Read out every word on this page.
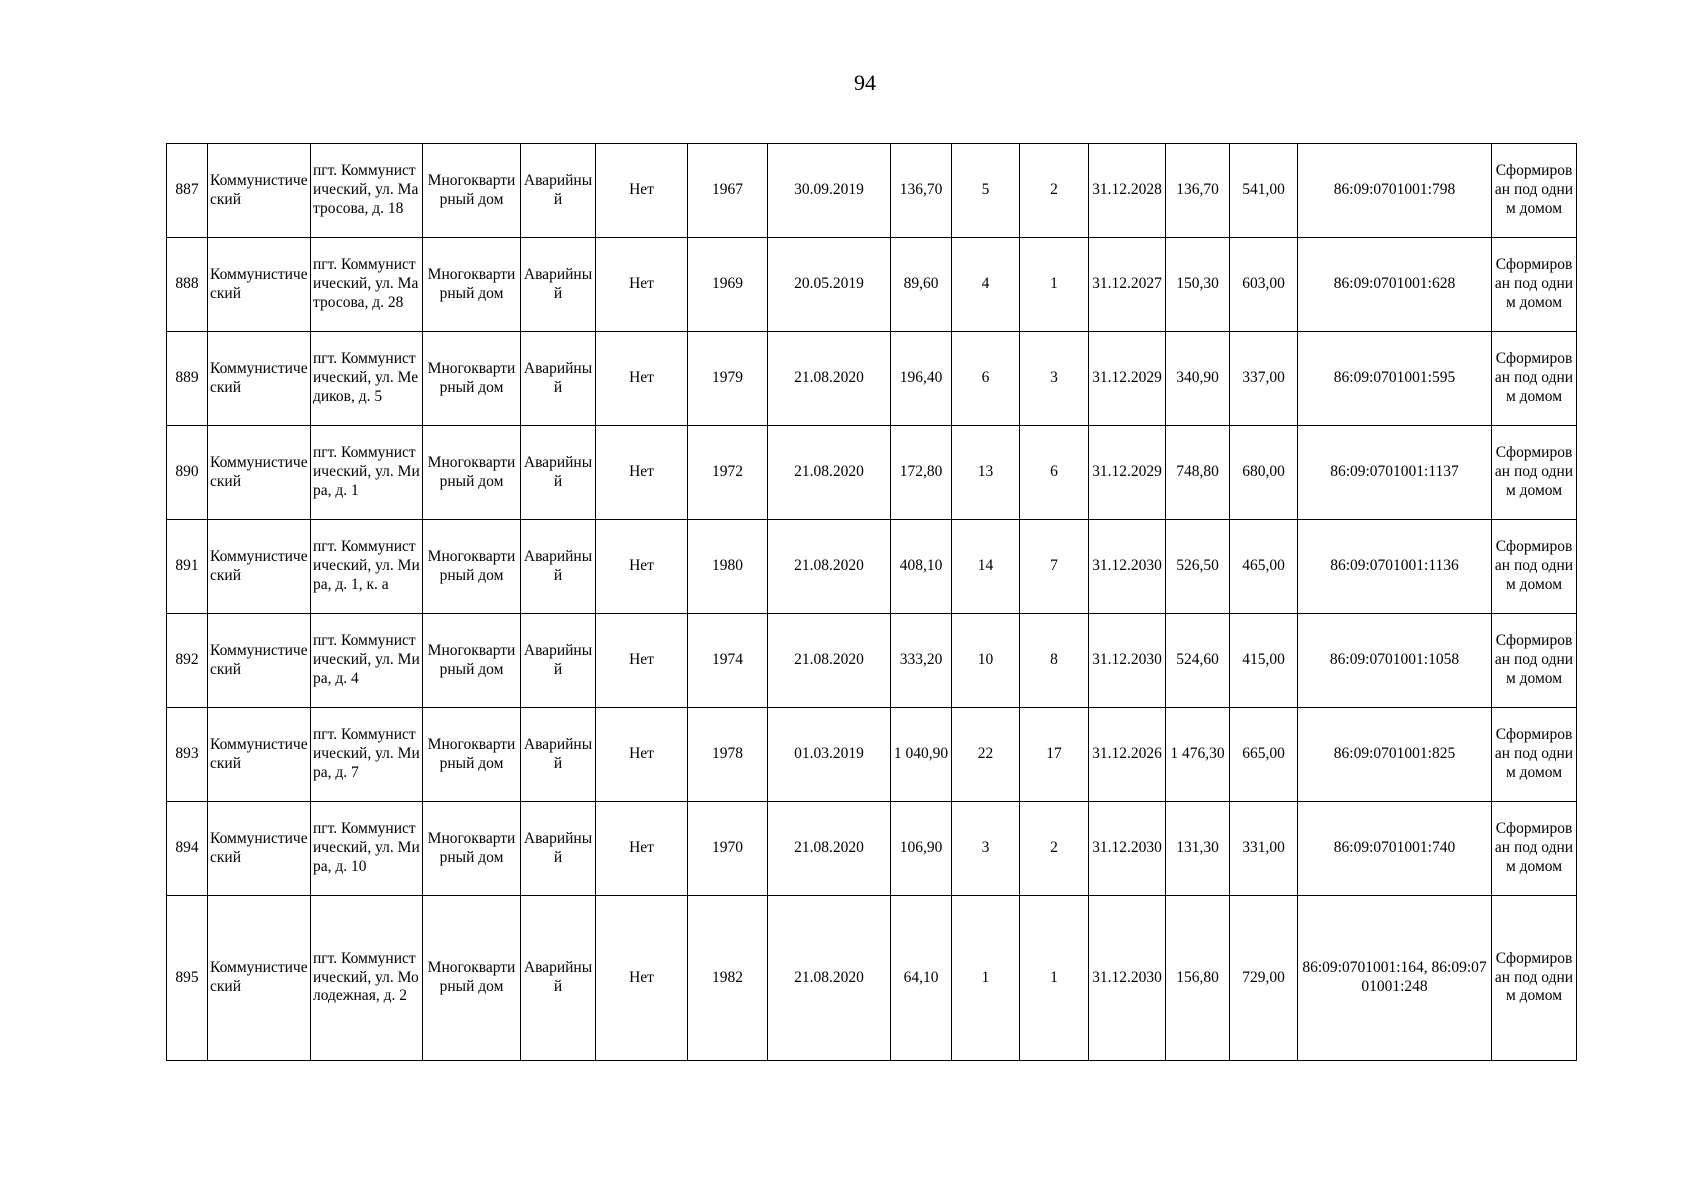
94
887	Коммунистический	пгт. Коммунистический, ул. Матросова, д. 18	Многоквартирный дом	Аварийный	Нет	1967	30.09.2019	136,70	5	2	31.12.2028	136,70	541,00	86:09:0701001:798	Сформирован под одним домом
888	Коммунистический	пгт. Коммунистический, ул. Матросова, д. 28	Многоквартирный дом	Аварийный	Нет	1969	20.05.2019	89,60	4	1	31.12.2027	150,30	603,00	86:09:0701001:628	Сформирован под одним домом
889	Коммунистический	пгт. Коммунистический, ул. Медиков, д. 5	Многоквартирный дом	Аварийный	Нет	1979	21.08.2020	196,40	6	3	31.12.2029	340,90	337,00	86:09:0701001:595	Сформирован под одним домом
890	Коммунистический	пгт. Коммунистический, ул. Мира, д. 1	Многоквартирный дом	Аварийный	Нет	1972	21.08.2020	172,80	13	6	31.12.2029	748,80	680,00	86:09:0701001:1137	Сформирован под одним домом
891	Коммунистический	пгт. Коммунистический, ул. Мира, д. 1, к. а	Многоквартирный дом	Аварийный	Нет	1980	21.08.2020	408,10	14	7	31.12.2030	526,50	465,00	86:09:0701001:1136	Сформирован под одним домом
892	Коммунистический	пгт. Коммунистический, ул. Мира, д. 4	Многоквартирный дом	Аварийный	Нет	1974	21.08.2020	333,20	10	8	31.12.2030	524,60	415,00	86:09:0701001:1058	Сформирован под одним домом
893	Коммунистический	пгт. Коммунистический, ул. Мира, д. 7	Многоквартирный дом	Аварийный	Нет	1978	01.03.2019	1 040,90	22	17	31.12.2026	1 476,30	665,00	86:09:0701001:825	Сформирован под одним домом
894	Коммунистический	пгт. Коммунистический, ул. Мира, д. 10	Многоквартирный дом	Аварийный	Нет	1970	21.08.2020	106,90	3	2	31.12.2030	131,30	331,00	86:09:0701001:740	Сформирован под одним домом
895	Коммунистический	пгт. Коммунистический, ул. Молодежная, д. 2	Многоквартирный дом	Аварийный	Нет	1982	21.08.2020	64,10	1	1	31.12.2030	156,80	729,00	86:09:0701001:164, 86:09:0701001:248	Сформирован под одним домом
